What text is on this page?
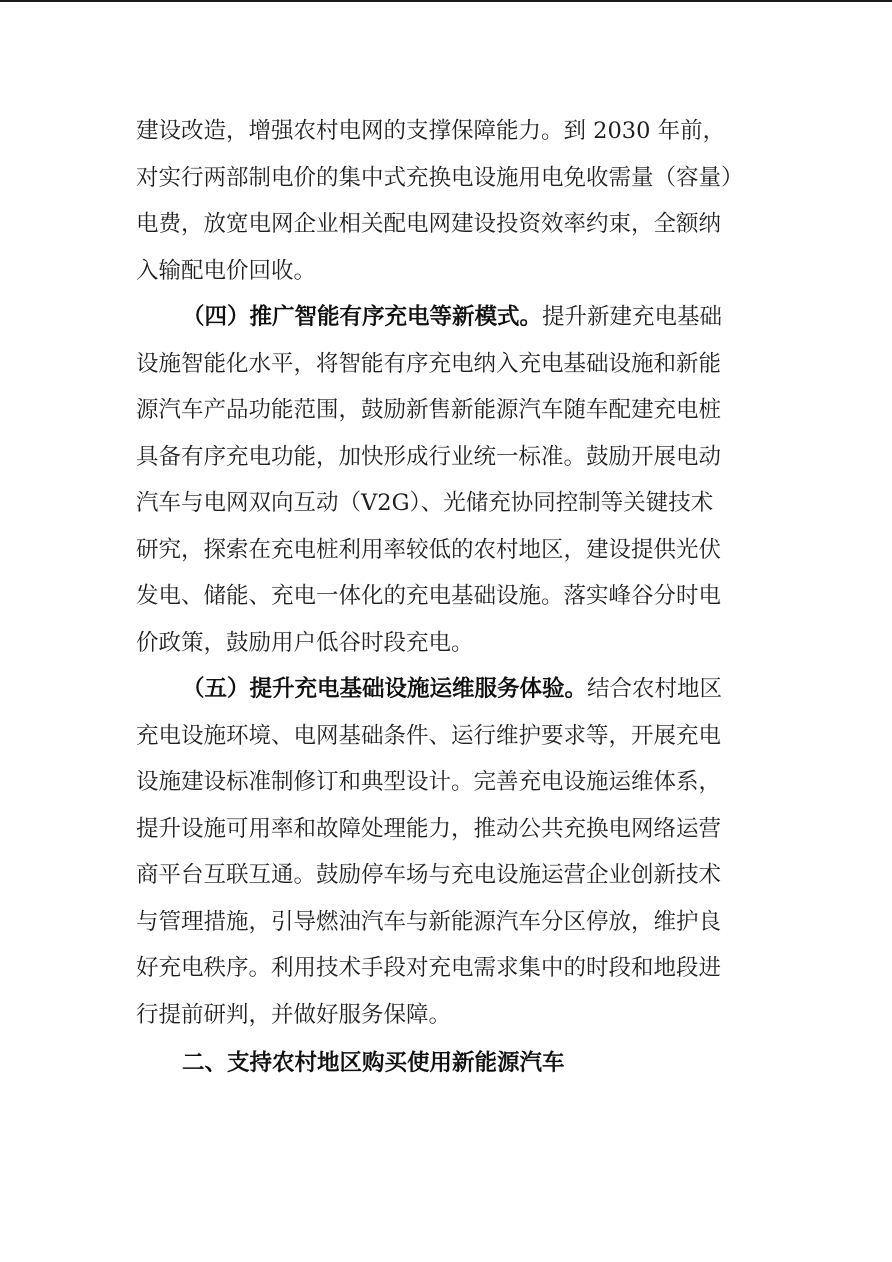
建设改造，增强农村电网的支撑保障能力。到 2030 年前，
对实行两部制电价的集中式充换电设施用电免收需量（容量）
电费，放宽电网企业相关配电网建设投资效率约束，全额纳
入输配电价回收。
（四）推广智能有序充电等新模式。提升新建充电基础
设施智能化水平，将智能有序充电纳入充电基础设施和新能
源汽车产品功能范围，鼓励新售新能源汽车随车配建充电桩
具备有序充电功能，加快形成行业统一标准。鼓励开展电动
汽车与电网双向互动（V2G）、光储充协同控制等关键技术
研究，探索在充电桩利用率较低的农村地区，建设提供光伏
发电、储能、充电一体化的充电基础设施。落实峰谷分时电
价政策，鼓励用户低谷时段充电。
（五）提升充电基础设施运维服务体验。结合农村地区
充电设施环境、电网基础条件、运行维护要求等，开展充电
设施建设标准制修订和典型设计。完善充电设施运维体系，
提升设施可用率和故障处理能力，推动公共充换电网络运营
商平台互联互通。鼓励停车场与充电设施运营企业创新技术
与管理措施，引导燃油汽车与新能源汽车分区停放，维护良
好充电秩序。利用技术手段对充电需求集中的时段和地段进
行提前研判，并做好服务保障。
二、支持农村地区购买使用新能源汽车
